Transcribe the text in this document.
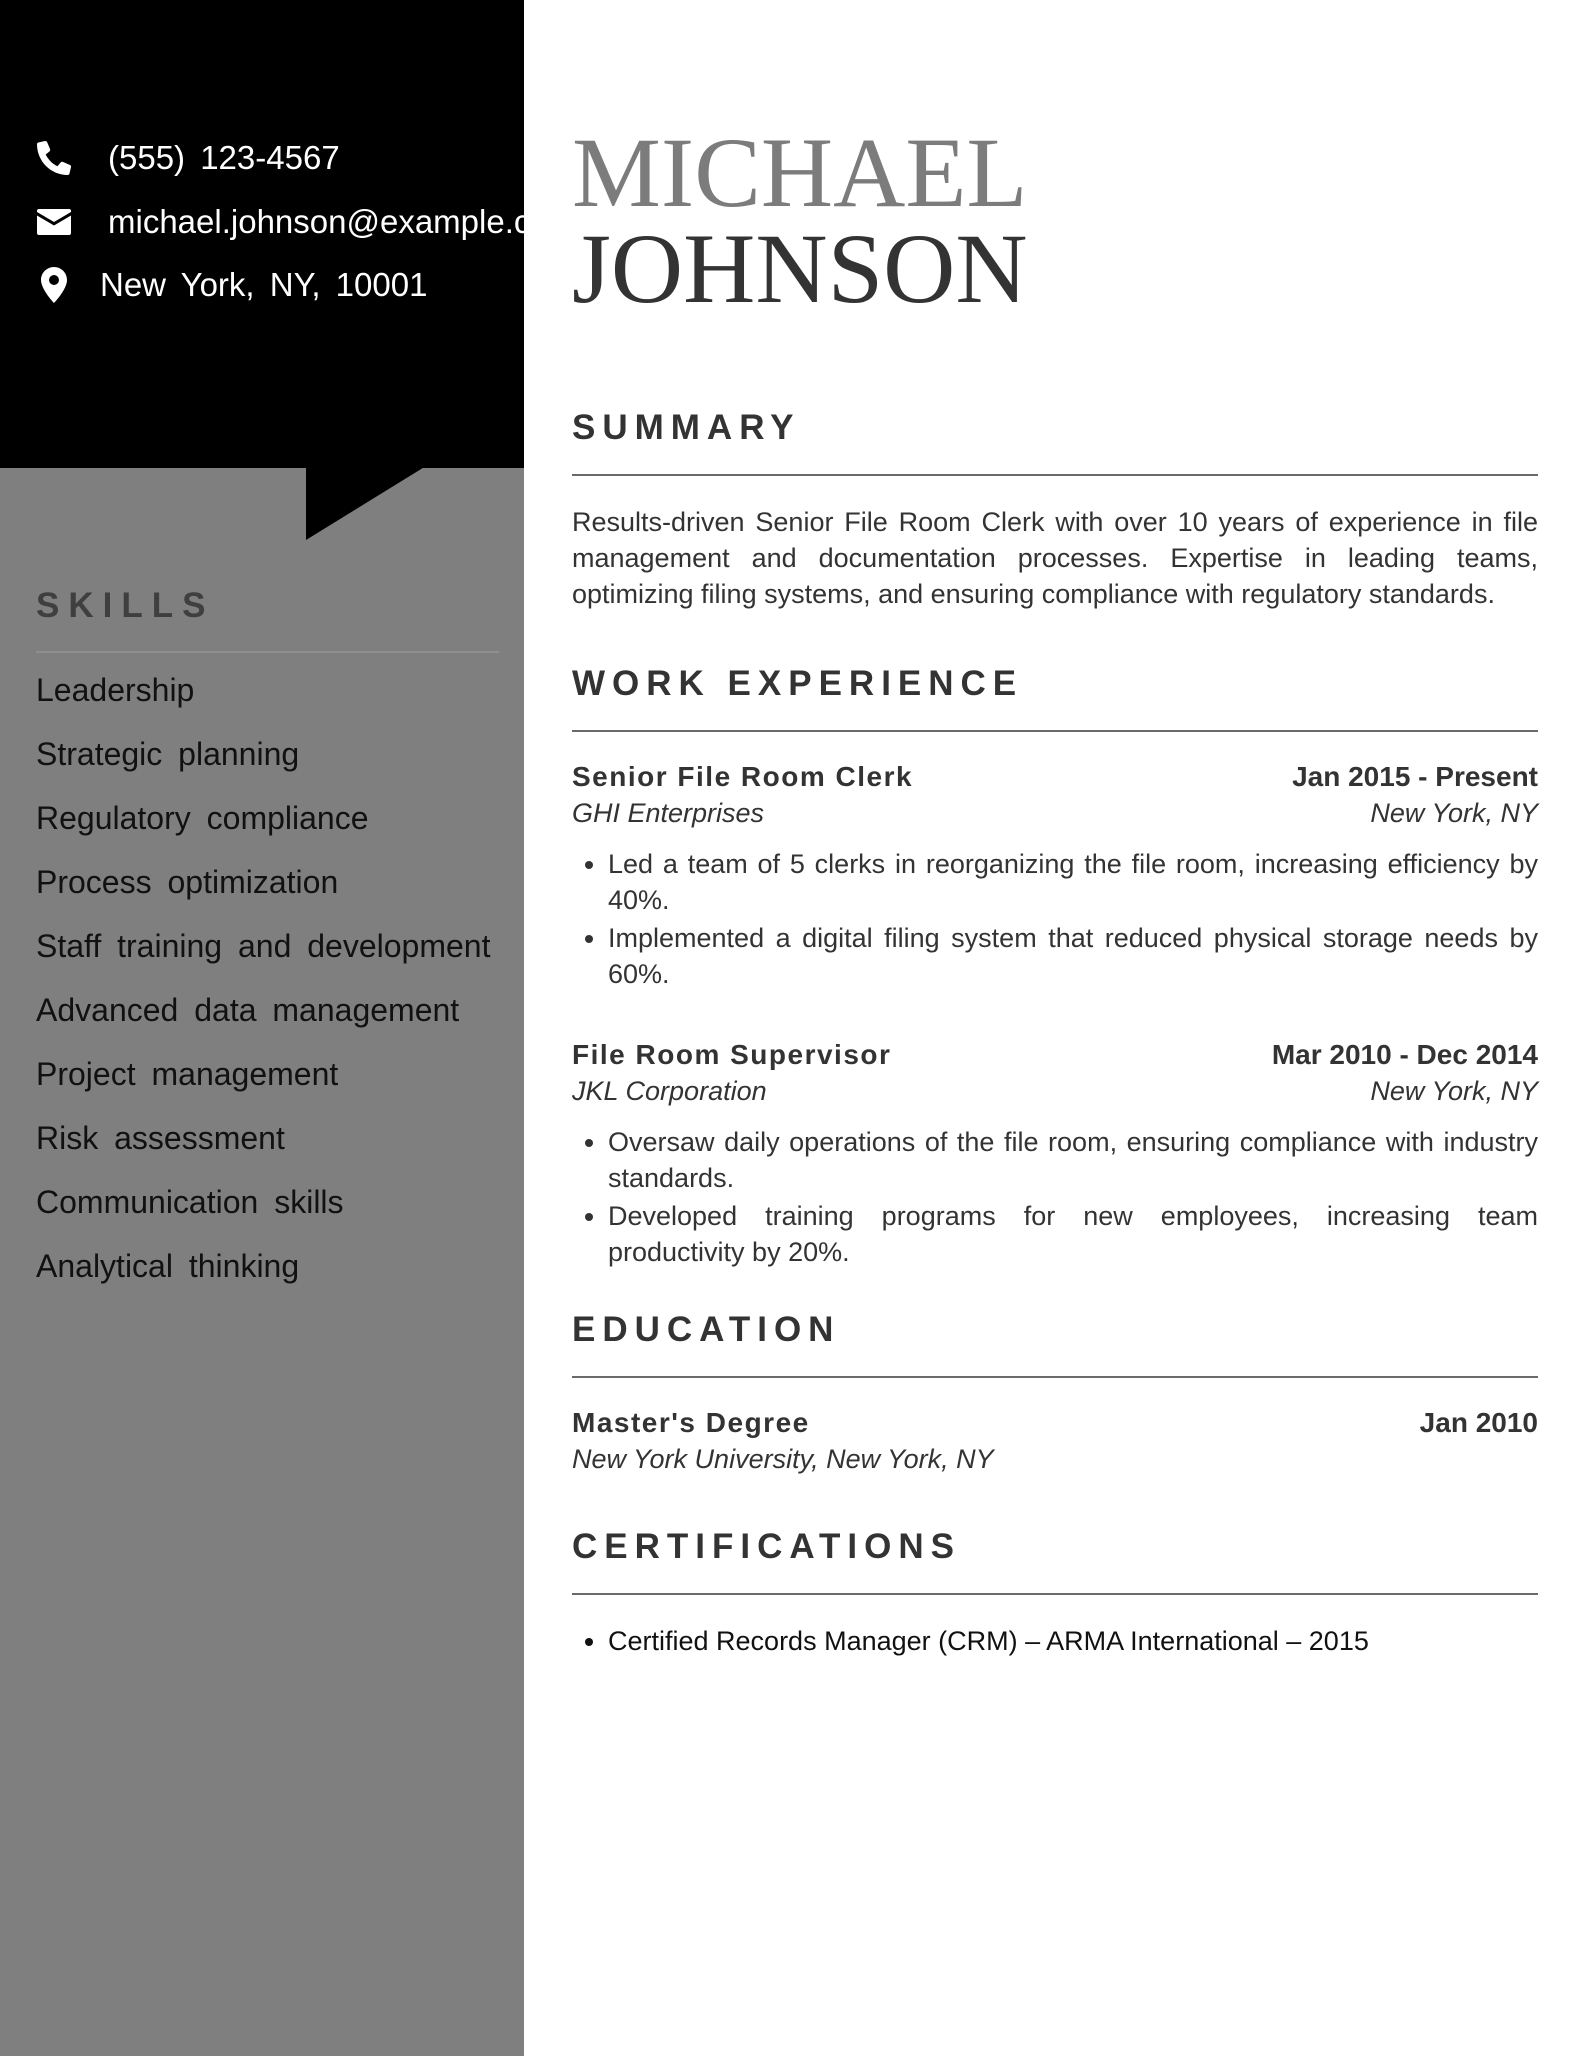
(555) 123-4567
michael.johnson@example.com
New York, NY, 10001
SKILLS
Leadership
Strategic planning
Regulatory compliance
Process optimization
Staff training and development
Advanced data management
Project management
Risk assessment
Communication skills
Analytical thinking
MICHAEL
JOHNSON
SUMMARY
Results-driven Senior File Room Clerk with over 10 years of experience in file management and documentation processes. Expertise in leading teams, optimizing filing systems, and ensuring compliance with regulatory standards.
WORK EXPERIENCE
Senior File Room Clerk	Jan 2015 - Present
GHI Enterprises	New York, NY
• Led a team of 5 clerks in reorganizing the file room, increasing efficiency by 40%.
• Implemented a digital filing system that reduced physical storage needs by 60%.
File Room Supervisor	Mar 2010 - Dec 2014
JKL Corporation	New York, NY
• Oversaw daily operations of the file room, ensuring compliance with industry standards.
• Developed training programs for new employees, increasing team productivity by 20%.
EDUCATION
Master's Degree	Jan 2010
New York University, New York, NY
CERTIFICATIONS
• Certified Records Manager (CRM) – ARMA International – 2015
